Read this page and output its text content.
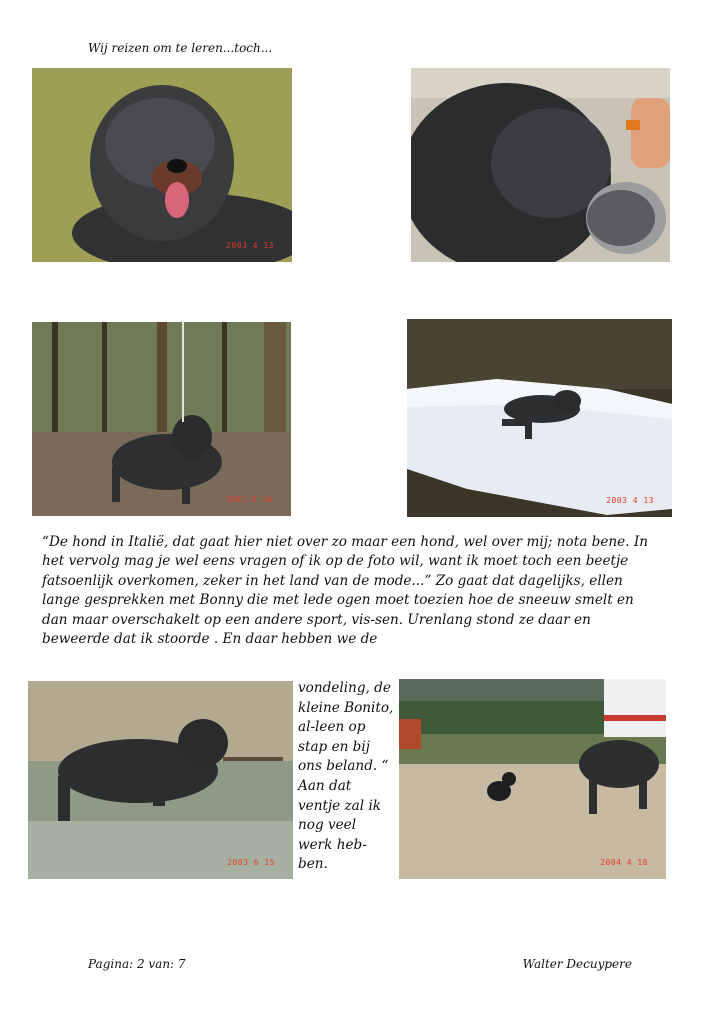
Wij reizen om te leren...toch...
2003 4 13
2003 6 14	2003 4 13

“De hond in Italië, dat gaat hier niet over zo maar een hond, wel over mij; nota bene. In het vervolg mag je wel eens vragen of ik op de foto wil, want ik moet toch een beetje fatsoenlijk overkomen, zeker in het land van de mode...” Zo gaat dat dagelijks, ellen lange gesprekken met Bonny die met lede ogen moet toezien hoe de sneeuw smelt en dan maar overschakelt op een andere sport, vis-sen. Urenlang stond ze daar en beweerde dat ik stoorde . En daar hebben we de

2003 6 15
vondeling, de kleine Bonito, al-leen op stap en bij ons beland. “ Aan dat ventje zal ik nog veel werk heb-ben.	2004 4 18
Pagina: 2 van: 7	Walter Decuypere
